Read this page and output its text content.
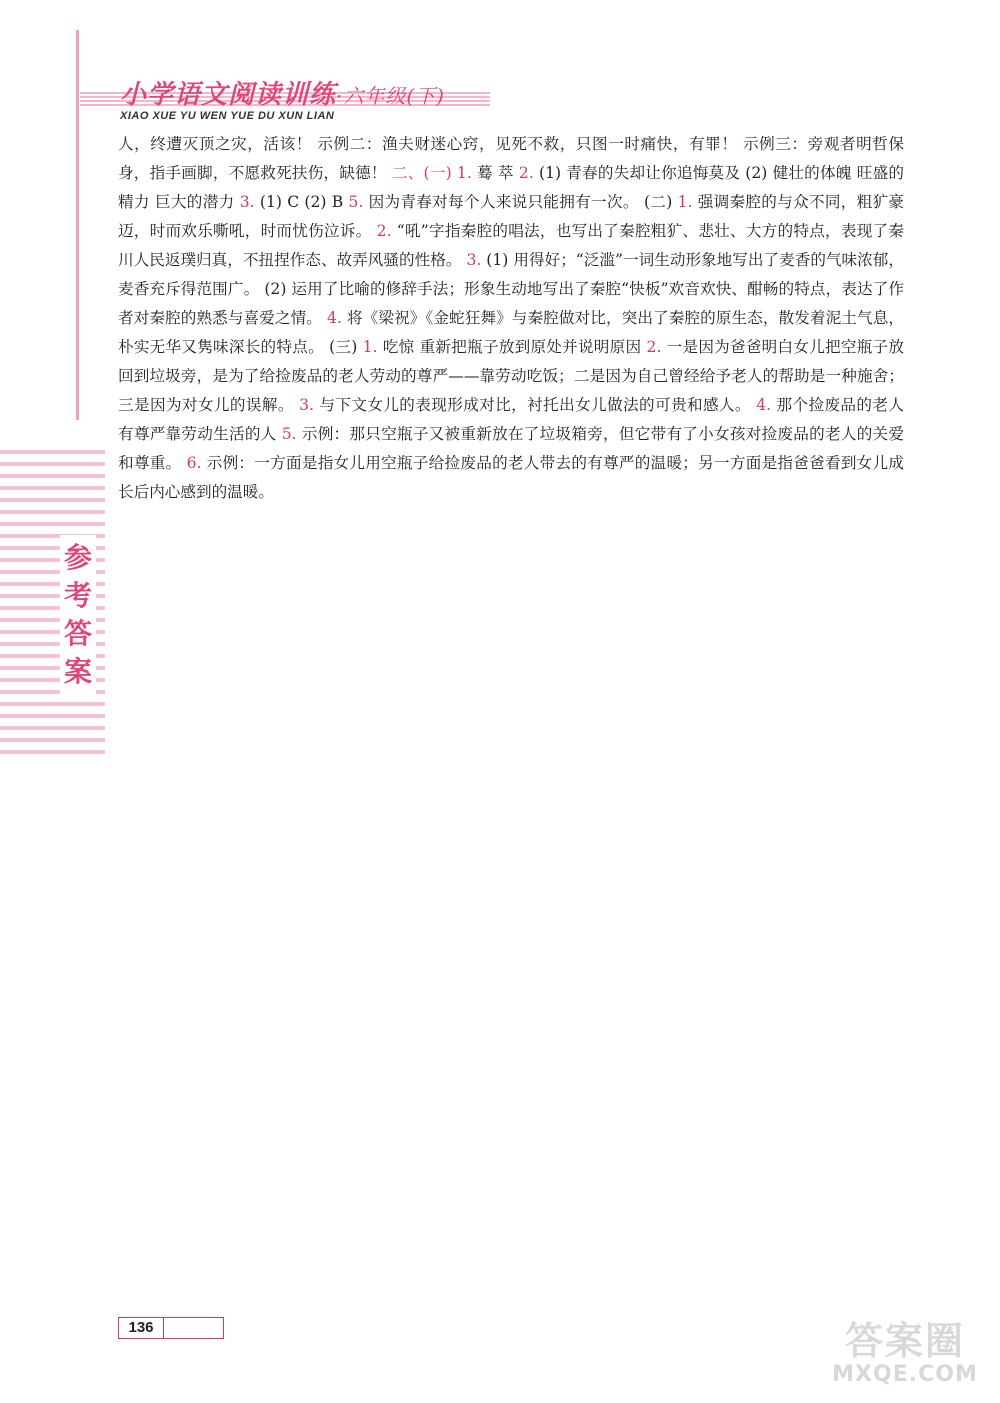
小学语文阅读训练·六年级(下)
XIAO XUE YU WEN YUE DU XUN LIAN
人，终遭灭顶之灾，活该！ 示例二：渔夫财迷心窍，见死不救，只图一时痛快，有罪！ 示例三：旁观者明哲保身，指手画脚，不愿救死扶伤，缺德！ 二、(一) 1. 蓦 萃 2. (1) 青春的失却让你追悔莫及 (2) 健壮的体魄 旺盛的精力 巨大的潜力 3. (1) C (2) B 5. 因为青春对每个人来说只能拥有一次。 (二) 1. 强调秦腔的与众不同，粗犷豪迈，时而欢乐嘶吼，时而忧伤泣诉。 2. “吼”字指秦腔的唱法，也写出了秦腔粗犷、悲壮、大方的特点，表现了秦川人民返璞归真，不扭捏作态、故弄风骚的性格。 3. (1) 用得好；“泛滥”一词生动形象地写出了麦香的气味浓郁，麦香充斥得范围广。 (2) 运用了比喻的修辞手法；形象生动地写出了秦腔“快板”欢音欢快、酣畅的特点，表达了作者对秦腔的熟悉与喜爱之情。 4. 将《梁祝》《金蛇狂舞》与秦腔做对比，突出了秦腔的原生态，散发着泥土气息，朴实无华又隽味深长的特点。 (三) 1. 吃惊 重新把瓶子放到原处并说明原因 2. 一是因为爸爸明白女儿把空瓶子放回到垃圾旁，是为了给捡废品的老人劳动的尊严——靠劳动吃饭；二是因为自己曾经给予老人的帮助是一种施舍；三是因为对女儿的误解。 3. 与下文女儿的表现形成对比，衬托出女儿做法的可贵和感人。 4. 那个捡废品的老人 有尊严靠劳动生活的人 5. 示例：那只空瓶子又被重新放在了垃圾箱旁，但它带有了小女孩对捡废品的老人的关爱和尊重。 6. 示例：一方面是指女儿用空瓶子给捡废品的老人带去的有尊严的温暖；另一方面是指爸爸看到女儿成长后内心感到的温暖。
参
考
答
案
136	答案圈
MXQE.COM
